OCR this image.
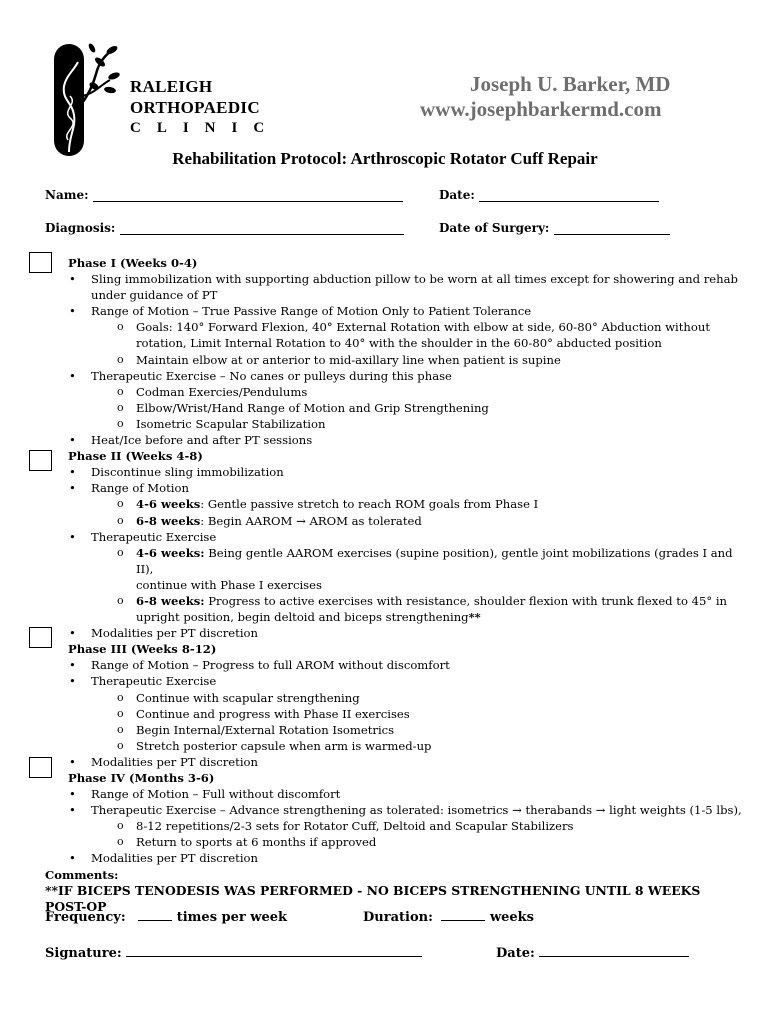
RALEIGH
ORTHOPAEDIC
CLINIC
Joseph U. Barker, MD
www.josephbarkermd.com
Rehabilitation Protocol: Arthroscopic Rotator Cuff Repair
Name:	Date:
Diagnosis:	Date of Surgery:
Phase I (Weeks 0-4)
• Sling immobilization with supporting abduction pillow to be worn at all times except for showering and rehab
under guidance of PT
• Range of Motion – True Passive Range of Motion Only to Patient Tolerance
o Goals: 140° Forward Flexion, 40° External Rotation with elbow at side, 60-80° Abduction without
rotation, Limit Internal Rotation to 40° with the shoulder in the 60-80° abducted position
o Maintain elbow at or anterior to mid-axillary line when patient is supine
• Therapeutic Exercise – No canes or pulleys during this phase
o Codman Exercies/Pendulums
o Elbow/Wrist/Hand Range of Motion and Grip Strengthening
o Isometric Scapular Stabilization
• Heat/Ice before and after PT sessions
Phase II (Weeks 4-8)
• Discontinue sling immobilization
• Range of Motion
o 4-6 weeks: Gentle passive stretch to reach ROM goals from Phase I
o 6-8 weeks: Begin AAROM → AROM as tolerated
• Therapeutic Exercise
o 4-6 weeks: Being gentle AAROM exercises (supine position), gentle joint mobilizations (grades I and II),
continue with Phase I exercises
o 6-8 weeks: Progress to active exercises with resistance, shoulder flexion with trunk flexed to 45° in
upright position, begin deltoid and biceps strengthening**
• Modalities per PT discretion
Phase III (Weeks 8-12)
• Range of Motion – Progress to full AROM without discomfort
• Therapeutic Exercise
o Continue with scapular strengthening
o Continue and progress with Phase II exercises
o Begin Internal/External Rotation Isometrics
o Stretch posterior capsule when arm is warmed-up
• Modalities per PT discretion
Phase IV (Months 3-6)
• Range of Motion – Full without discomfort
• Therapeutic Exercise – Advance strengthening as tolerated: isometrics → therabands → light weights (1-5 lbs),
o 8-12 repetitions/2-3 sets for Rotator Cuff, Deltoid and Scapular Stabilizers
o Return to sports at 6 months if approved
• Modalities per PT discretion
Comments:
**IF BICEPS TENODESIS WAS PERFORMED - NO BICEPS STRENGTHENING UNTIL 8 WEEKS POST-OP
Frequency:	times per week	Duration:	weeks
Signature:	Date:
